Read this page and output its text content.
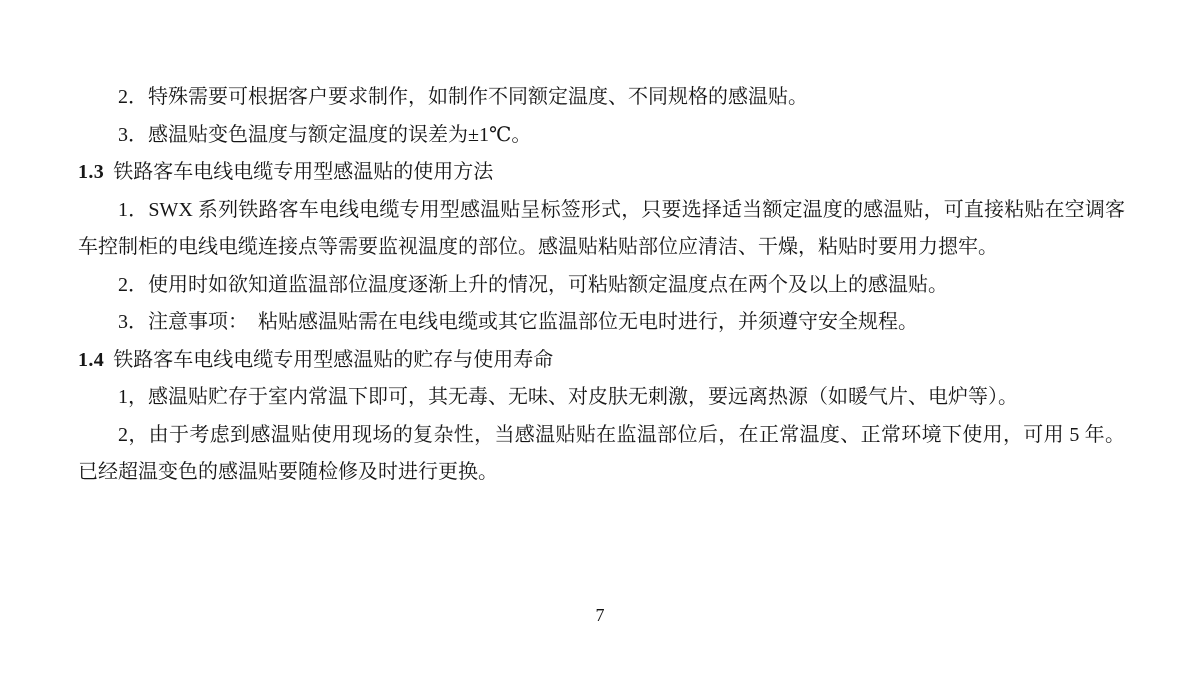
2．特殊需要可根据客户要求制作，如制作不同额定温度、不同规格的感温贴。

3．感温贴变色温度与额定温度的误差为±1℃。

1.3 铁路客车电线电缆专用型感温贴的使用方法

1．SWX 系列铁路客车电线电缆专用型感温贴呈标签形式，只要选择适当额定温度的感温贴，可直接粘贴在空调客车控制柜的电线电缆连接点等需要监视温度的部位。感温贴粘贴部位应清洁、干燥，粘贴时要用力摁牢。

2．使用时如欲知道监温部位温度逐渐上升的情况，可粘贴额定温度点在两个及以上的感温贴。

3．注意事项：　粘贴感温贴需在电线电缆或其它监温部位无电时进行，并须遵守安全规程。

1.4 铁路客车电线电缆专用型感温贴的贮存与使用寿命

1，感温贴贮存于室内常温下即可，其无毒、无味、对皮肤无刺激，要远离热源（如暖气片、电炉等）。

2，由于考虑到感温贴使用现场的复杂性，当感温贴贴在监温部位后，在正常温度、正常环境下使用，可用 5 年。已经超温变色的感温贴要随检修及时进行更换。

7
